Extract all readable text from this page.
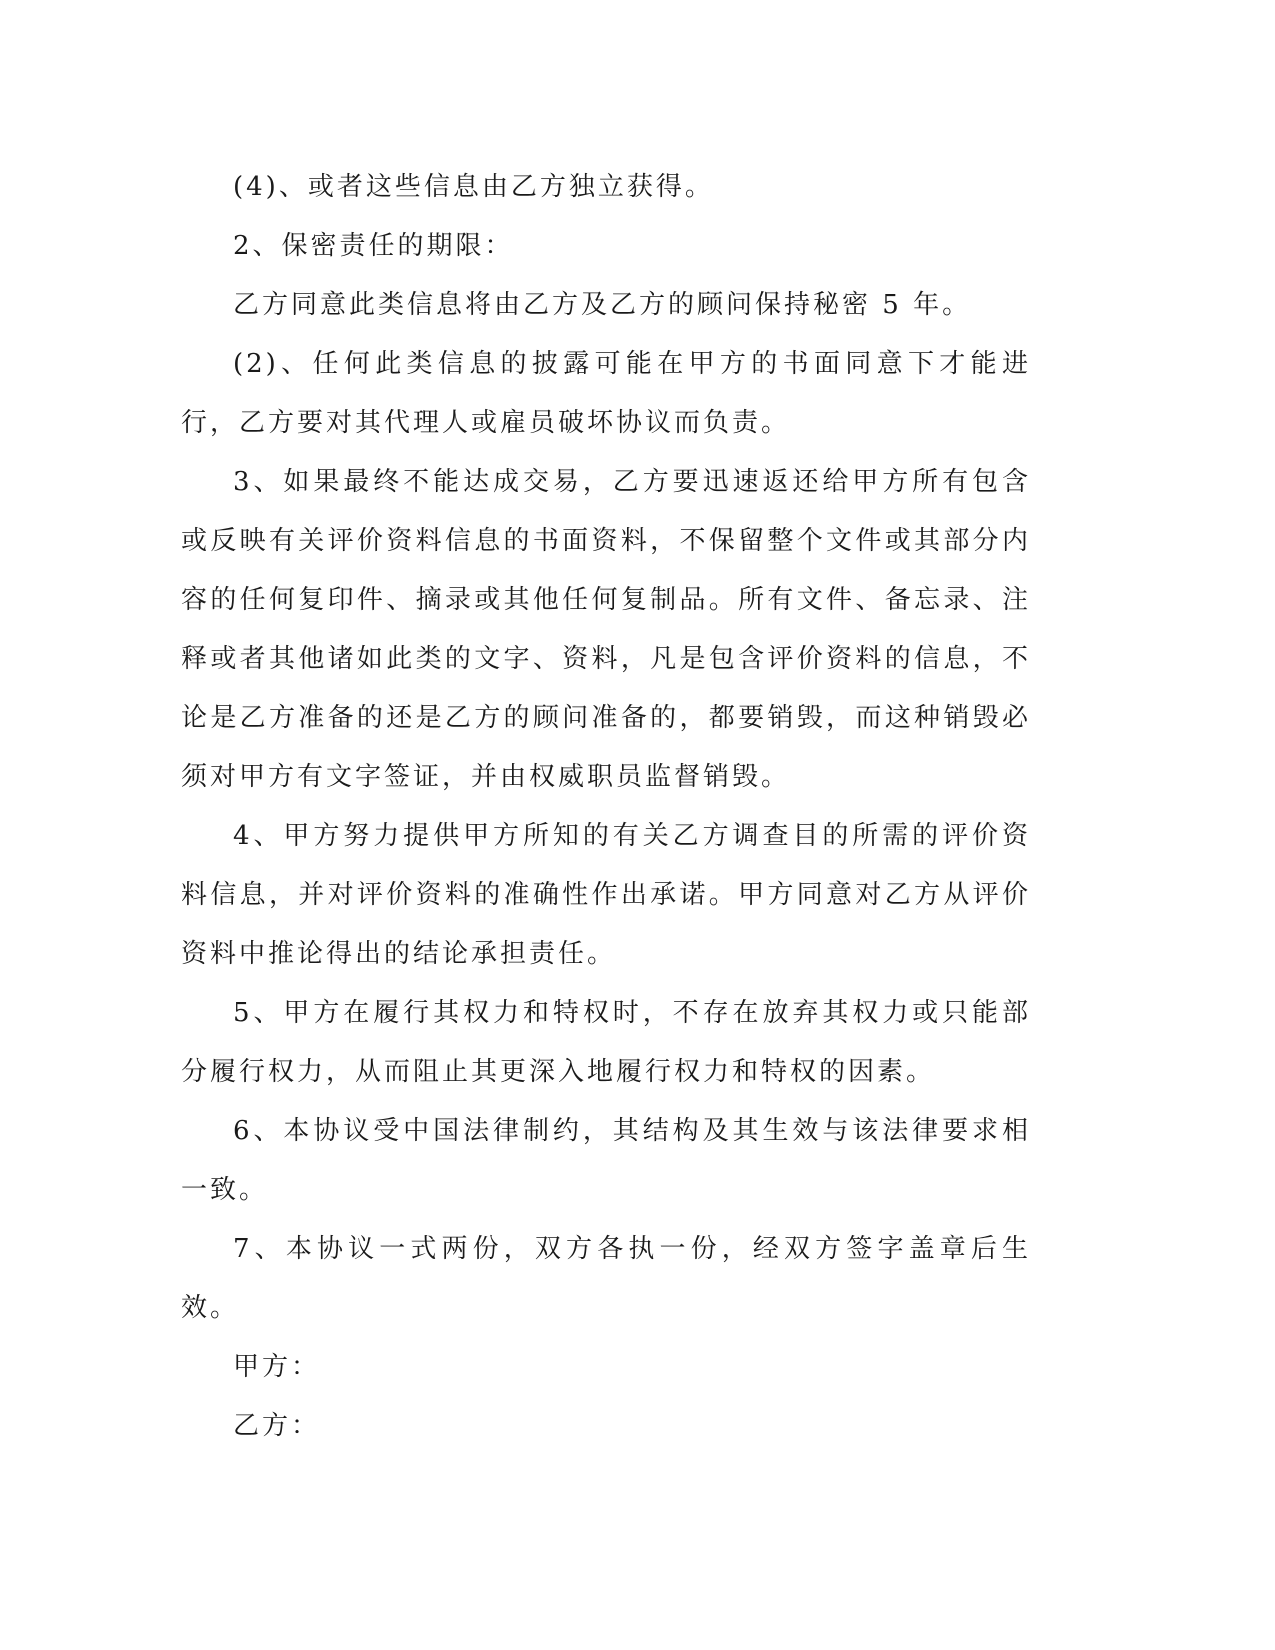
(4)、或者这些信息由乙方独立获得。

2、保密责任的期限：

乙方同意此类信息将由乙方及乙方的顾问保持秘密 5 年。

(2)、任何此类信息的披露可能在甲方的书面同意下才能进行，乙方要对其代理人或雇员破坏协议而负责。

3、如果最终不能达成交易，乙方要迅速返还给甲方所有包含或反映有关评价资料信息的书面资料，不保留整个文件或其部分内容的任何复印件、摘录或其他任何复制品。所有文件、备忘录、注释或者其他诸如此类的文字、资料，凡是包含评价资料的信息，不论是乙方准备的还是乙方的顾问准备的，都要销毁，而这种销毁必须对甲方有文字签证，并由权威职员监督销毁。

4、甲方努力提供甲方所知的有关乙方调查目的所需的评价资料信息，并对评价资料的准确性作出承诺。甲方同意对乙方从评价资料中推论得出的结论承担责任。

5、甲方在履行其权力和特权时，不存在放弃其权力或只能部分履行权力，从而阻止其更深入地履行权力和特权的因素。

6、本协议受中国法律制约，其结构及其生效与该法律要求相一致。

7、本协议一式两份，双方各执一份，经双方签字盖章后生效。

甲方：

乙方：
